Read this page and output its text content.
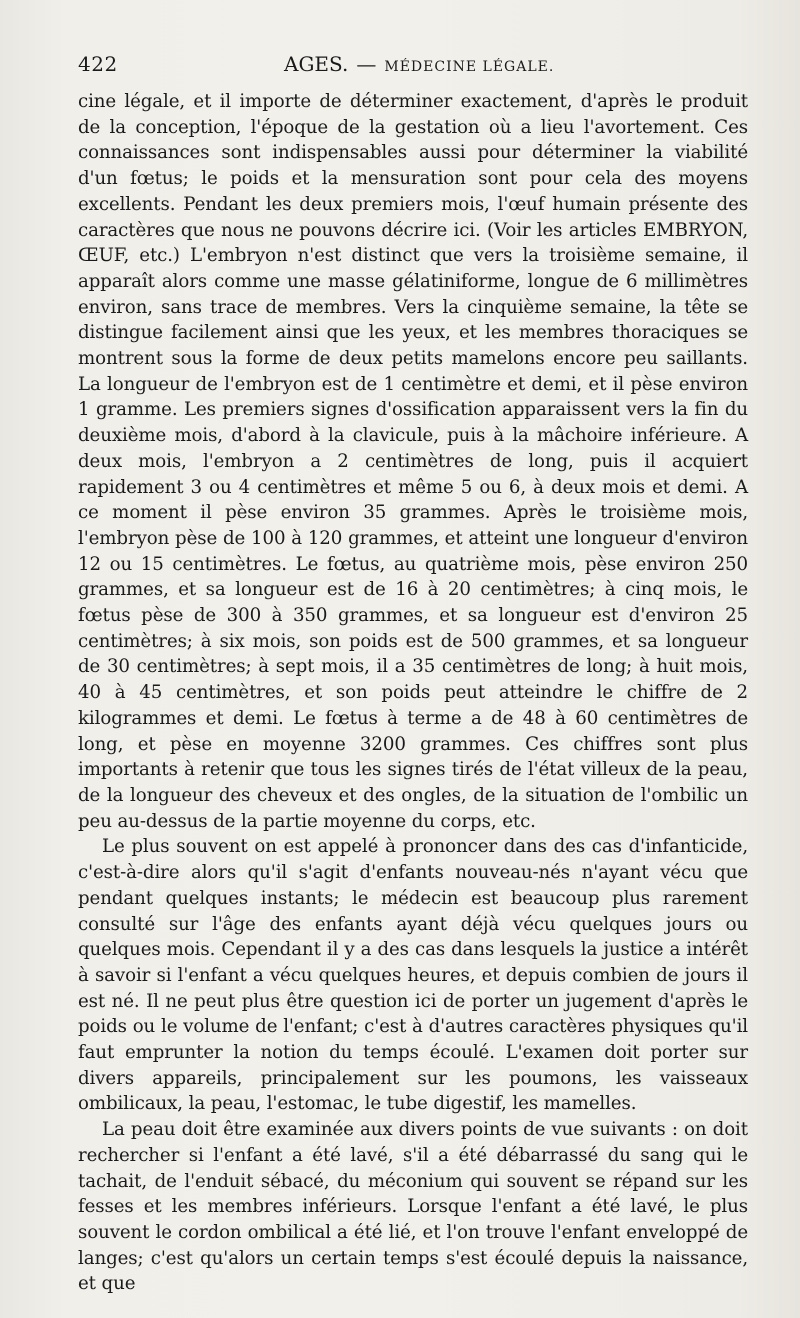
422	AGES. — MÉDECINE LÉGALE.

cine légale, et il importe de déterminer exactement, d'après le produit de la conception, l'époque de la gestation où a lieu l'avortement. Ces connaissances sont indispensables aussi pour déterminer la viabilité d'un fœtus; le poids et la mensuration sont pour cela des moyens excellents. Pendant les deux premiers mois, l'œuf humain présente des caractères que nous ne pouvons décrire ici. (Voir les articles EMBRYON, ŒUF, etc.) L'embryon n'est distinct que vers la troisième semaine, il apparaît alors comme une masse gélatiniforme, longue de 6 millimètres environ, sans trace de membres. Vers la cinquième semaine, la tête se distingue facilement ainsi que les yeux, et les membres thoraciques se montrent sous la forme de deux petits mamelons encore peu saillants. La longueur de l'embryon est de 1 centimètre et demi, et il pèse environ 1 gramme. Les premiers signes d'ossification apparaissent vers la fin du deuxième mois, d'abord à la clavicule, puis à la mâchoire inférieure. A deux mois, l'embryon a 2 centimètres de long, puis il acquiert rapidement 3 ou 4 centimètres et même 5 ou 6, à deux mois et demi. A ce moment il pèse environ 35 grammes. Après le troisième mois, l'embryon pèse de 100 à 120 grammes, et atteint une longueur d'environ 12 ou 15 centimètres. Le fœtus, au quatrième mois, pèse environ 250 grammes, et sa longueur est de 16 à 20 centimètres; à cinq mois, le fœtus pèse de 300 à 350 grammes, et sa longueur est d'environ 25 centimètres; à six mois, son poids est de 500 grammes, et sa longueur de 30 centimètres; à sept mois, il a 35 centimètres de long; à huit mois, 40 à 45 centimètres, et son poids peut atteindre le chiffre de 2 kilogrammes et demi. Le fœtus à terme a de 48 à 60 centimètres de long, et pèse en moyenne 3200 grammes. Ces chiffres sont plus importants à retenir que tous les signes tirés de l'état villeux de la peau, de la longueur des cheveux et des ongles, de la situation de l'ombilic un peu au-dessus de la partie moyenne du corps, etc.

Le plus souvent on est appelé à prononcer dans des cas d'infanticide, c'est-à-dire alors qu'il s'agit d'enfants nouveau-nés n'ayant vécu que pendant quelques instants; le médecin est beaucoup plus rarement consulté sur l'âge des enfants ayant déjà vécu quelques jours ou quelques mois. Cependant il y a des cas dans lesquels la justice a intérêt à savoir si l'enfant a vécu quelques heures, et depuis combien de jours il est né. Il ne peut plus être question ici de porter un jugement d'après le poids ou le volume de l'enfant; c'est à d'autres caractères physiques qu'il faut emprunter la notion du temps écoulé. L'examen doit porter sur divers appareils, principalement sur les poumons, les vaisseaux ombilicaux, la peau, l'estomac, le tube digestif, les mamelles.

La peau doit être examinée aux divers points de vue suivants : on doit rechercher si l'enfant a été lavé, s'il a été débarrassé du sang qui le tachait, de l'enduit sébacé, du méconium qui souvent se répand sur les fesses et les membres inférieurs. Lorsque l'enfant a été lavé, le plus souvent le cordon ombilical a été lié, et l'on trouve l'enfant enveloppé de langes; c'est qu'alors un certain temps s'est écoulé depuis la naissance, et que
